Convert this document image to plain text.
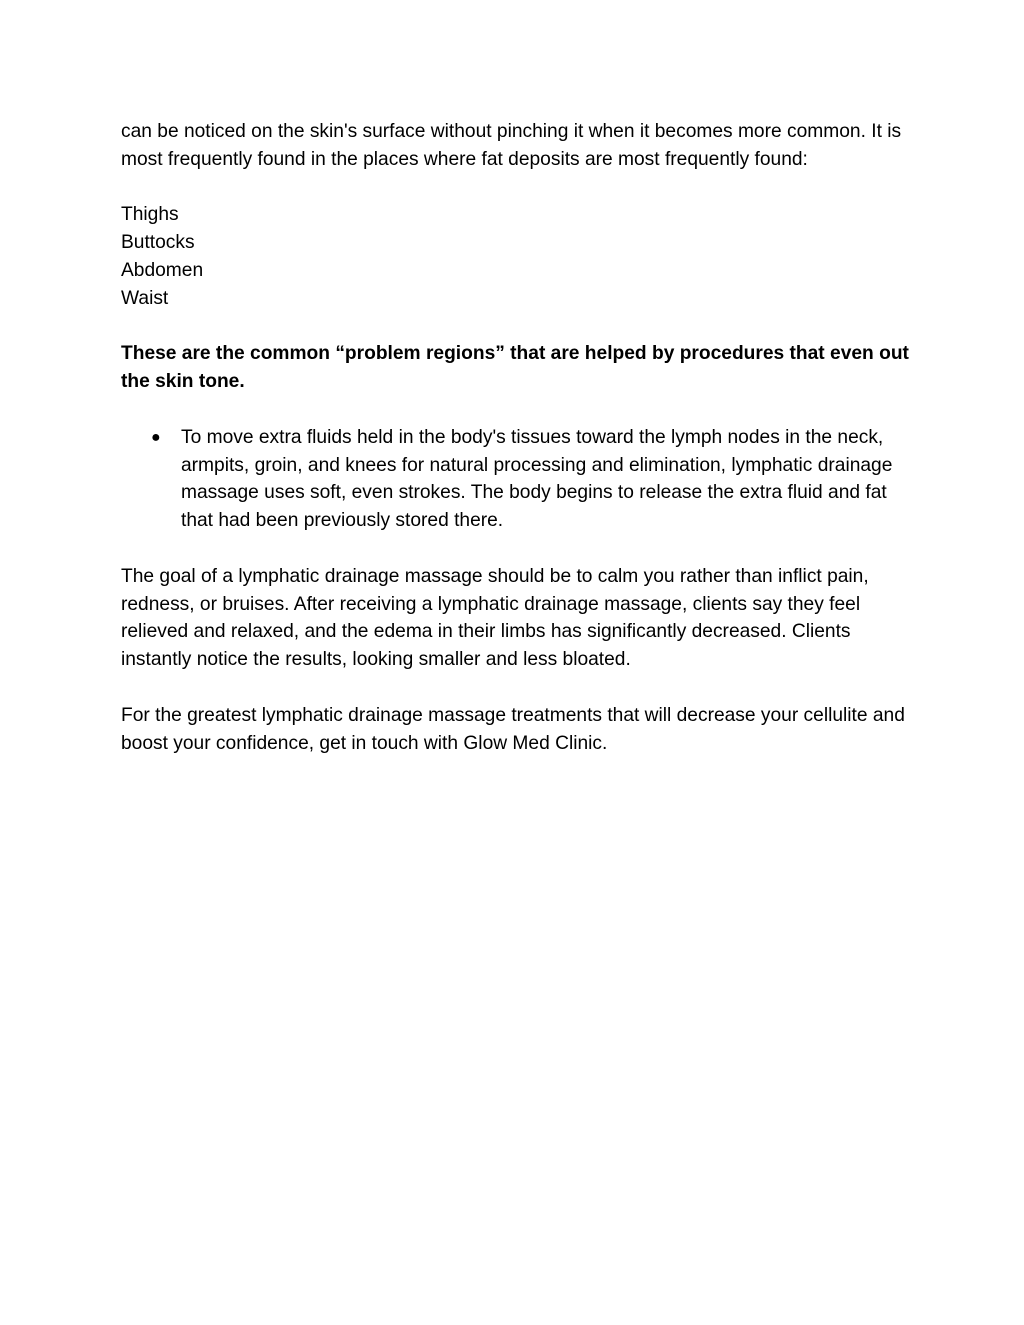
can be noticed on the skin's surface without pinching it when it becomes more common. It is most frequently found in the places where fat deposits are most frequently found:

Thighs
Buttocks
Abdomen
Waist

These are the common “problem regions” that are helped by procedures that even out the skin tone.

● To move extra fluids held in the body's tissues toward the lymph nodes in the neck, armpits, groin, and knees for natural processing and elimination, lymphatic drainage massage uses soft, even strokes. The body begins to release the extra fluid and fat that had been previously stored there.

The goal of a lymphatic drainage massage should be to calm you rather than inflict pain, redness, or bruises. After receiving a lymphatic drainage massage, clients say they feel relieved and relaxed, and the edema in their limbs has significantly decreased. Clients instantly notice the results, looking smaller and less bloated.

For the greatest lymphatic drainage massage treatments that will decrease your cellulite and boost your confidence, get in touch with Glow Med Clinic.
